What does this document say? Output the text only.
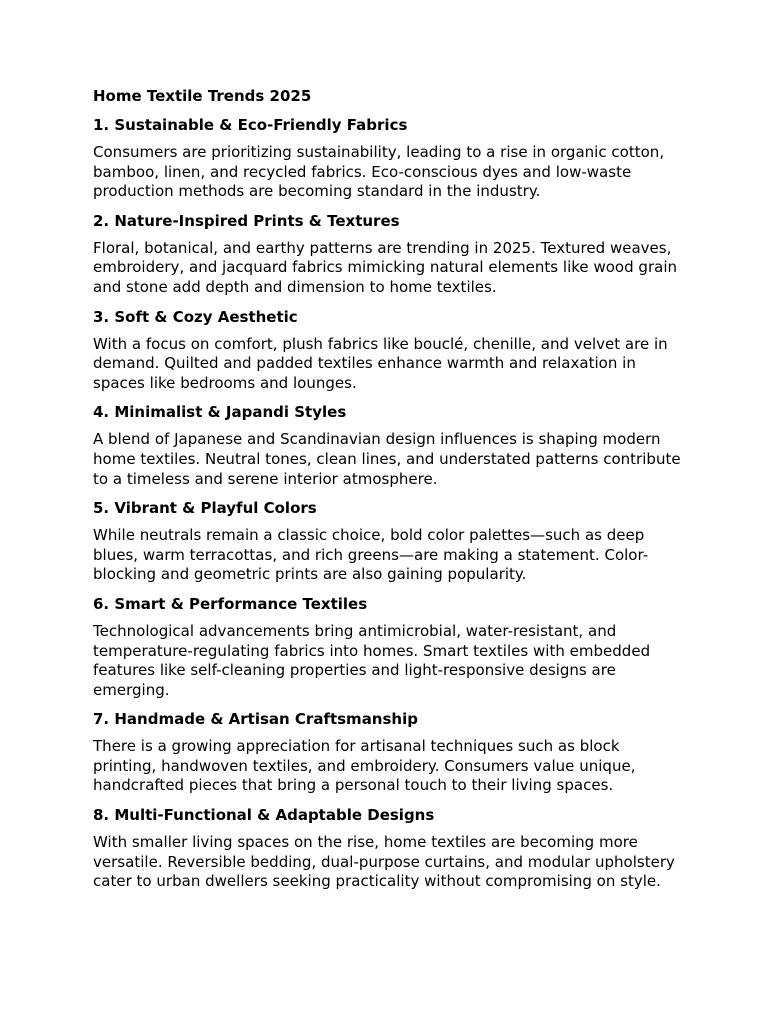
Home Textile Trends 2025
1. Sustainable & Eco-Friendly Fabrics
Consumers are prioritizing sustainability, leading to a rise in organic cotton, bamboo, linen, and recycled fabrics. Eco-conscious dyes and low-waste production methods are becoming standard in the industry.
2. Nature-Inspired Prints & Textures
Floral, botanical, and earthy patterns are trending in 2025. Textured weaves, embroidery, and jacquard fabrics mimicking natural elements like wood grain and stone add depth and dimension to home textiles.
3. Soft & Cozy Aesthetic
With a focus on comfort, plush fabrics like bouclé, chenille, and velvet are in demand. Quilted and padded textiles enhance warmth and relaxation in spaces like bedrooms and lounges.
4. Minimalist & Japandi Styles
A blend of Japanese and Scandinavian design influences is shaping modern home textiles. Neutral tones, clean lines, and understated patterns contribute to a timeless and serene interior atmosphere.
5. Vibrant & Playful Colors
While neutrals remain a classic choice, bold color palettes—such as deep blues, warm terracottas, and rich greens—are making a statement. Color-blocking and geometric prints are also gaining popularity.
6. Smart & Performance Textiles
Technological advancements bring antimicrobial, water-resistant, and temperature-regulating fabrics into homes. Smart textiles with embedded features like self-cleaning properties and light-responsive designs are emerging.
7. Handmade & Artisan Craftsmanship
There is a growing appreciation for artisanal techniques such as block printing, handwoven textiles, and embroidery. Consumers value unique, handcrafted pieces that bring a personal touch to their living spaces.
8. Multi-Functional & Adaptable Designs
With smaller living spaces on the rise, home textiles are becoming more versatile. Reversible bedding, dual-purpose curtains, and modular upholstery cater to urban dwellers seeking practicality without compromising on style.
